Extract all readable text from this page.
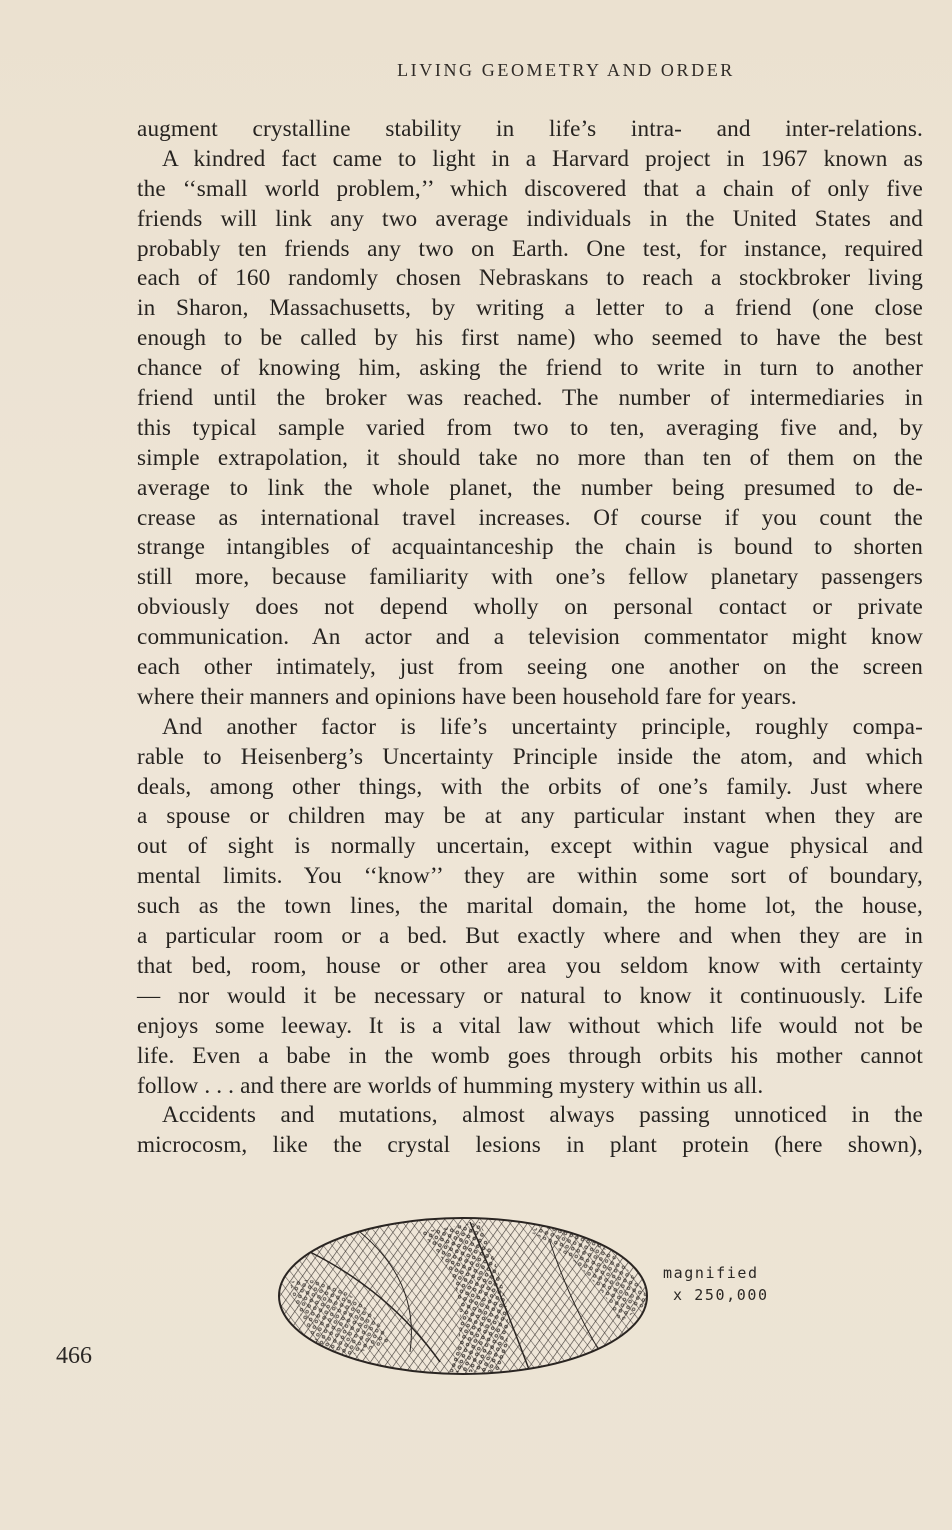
LIVING GEOMETRY AND ORDER
augment crystalline stability in life’s intra- and inter-relations.
A kindred fact came to light in a Harvard project in 1967 known as
the ‘‘small world problem,’’ which discovered that a chain of only five
friends will link any two average individuals in the United States and
probably ten friends any two on Earth. One test, for instance, required
each of 160 randomly chosen Nebraskans to reach a stockbroker living
in Sharon, Massachusetts, by writing a letter to a friend (one close
enough to be called by his first name) who seemed to have the best
chance of knowing him, asking the friend to write in turn to another
friend until the broker was reached. The number of intermediaries in
this typical sample varied from two to ten, averaging five and, by
simple extrapolation, it should take no more than ten of them on the
average to link the whole planet, the number being presumed to de-
crease as international travel increases. Of course if you count the
strange intangibles of acquaintanceship the chain is bound to shorten
still more, because familiarity with one’s fellow planetary passengers
obviously does not depend wholly on personal contact or private
communication. An actor and a television commentator might know
each other intimately, just from seeing one another on the screen
where their manners and opinions have been household fare for years.
And another factor is life’s uncertainty principle, roughly compa-
rable to Heisenberg’s Uncertainty Principle inside the atom, and which
deals, among other things, with the orbits of one’s family. Just where
a spouse or children may be at any particular instant when they are
out of sight is normally uncertain, except within vague physical and
mental limits. You ‘‘know’’ they are within some sort of boundary,
such as the town lines, the marital domain, the home lot, the house,
a particular room or a bed. But exactly where and when they are in
that bed, room, house or other area you seldom know with certainty
— nor would it be necessary or natural to know it continuously. Life
enjoys some leeway. It is a vital law without which life would not be
life. Even a babe in the womb goes through orbits his mother cannot
follow . . . and there are worlds of humming mystery within us all.
Accidents and mutations, almost always passing unnoticed in the
microcosm, like the crystal lesions in plant protein (here shown),
magnified
x 250,000
466
